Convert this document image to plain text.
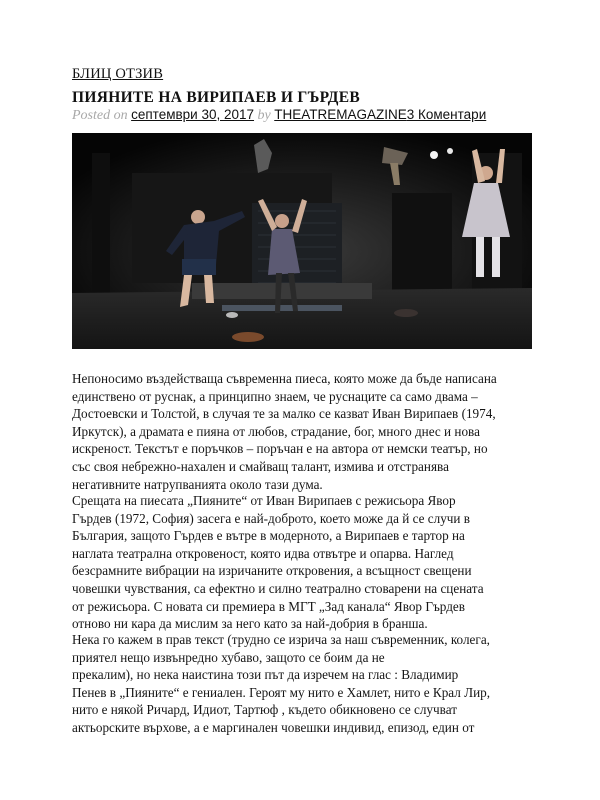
БЛИЦ ОТЗИВ
ПИЯНИТЕ НА ВИРИПАЕВ И ГЪРДЕВ
Posted on септември 30, 2017 by THEATREMAGAZINE3 Коментари

Непоносимо въздействаща съвременна пиеса, която може да бъде написана
единствено от руснак, а принципно знаем, че руснаците са само двама –
Достоевски и Толстой, в случая те за малко се казват Иван Вирипаев (1974,
Иркутск), а драмата е пияна от любов, страдание, бог, много днес и нова
искреност. Текстът е поръчков – поръчан е на автора от немски театър, но
със своя небрежно-нахален и смайващ талант, измива и отстранява
негативните натрупванията около тази дума.

Срещата на пиесата „Пияните“ от Иван Вирипаев с режисьора Явор
Гърдев (1972, София) засега е най-доброто, което може да й се случи в
България, защото Гърдев е вътре в модерното, а Вирипаев е тартор на
наглата театрална откровеност, която идва отвътре и опарва. Наглед
безсрамните вибрации на изричаните откровения, а всъщност свещени
човешки чувствания, са ефектно и силно театрално стоварени на сцената
от режисьора. С новата си премиера в МГТ „Зад канала“ Явор Гърдев
отново ни кара да мислим за него като за най-добрия в бранша.

Нека го кажем в прав текст (трудно се изрича за наш съвременник, колега,
приятел нещо извънредно хубаво, защото се боим да не
прекалим), но нека наистина този път да изречем на глас : Владимир
Пенев в „Пияните“ е гениален. Героят му нито е Хамлет, нито е Крал Лир,
нито е някой Ричард, Идиот, Тартюф , където обикновено се случват
актьорските върхове, а е маргинален човешки индивид, епизод, един от
